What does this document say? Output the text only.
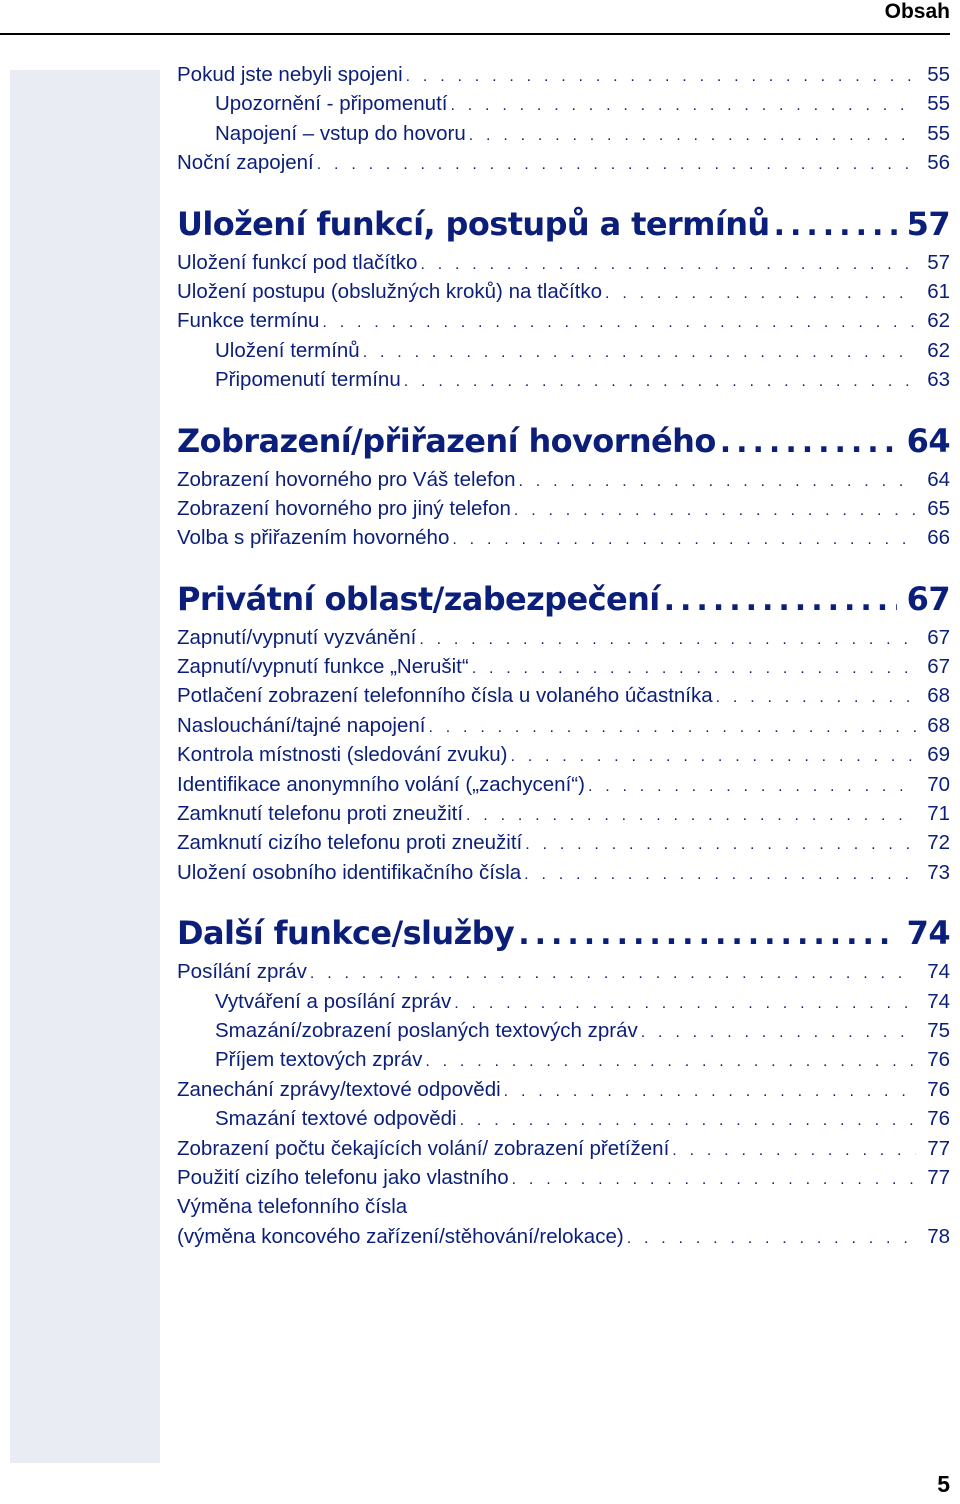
Obsah
Pokud jste nebyli spojeni . . .	55
Upozornění - připomenutí . . .	55
Napojení – vstup do hovoru . . .	55
Noční zapojení . . .	56
Uložení funkcí, postupů a termínů .....	57
Uložení funkcí pod tlačítko . . .	57
Uložení postupu (obslužných kroků) na tlačítko . . .	61
Funkce termínu . . .	62
Uložení termínů . . .	62
Připomenutí termínu . . .	63
Zobrazení/přiřazení hovorného .....	64
Zobrazení hovorného pro Váš telefon . . .	64
Zobrazení hovorného pro jiný telefon . . .	65
Volba s přiřazením hovorného . . .	66
Privátní oblast/zabezpečení .....	67
Zapnutí/vypnutí vyzvánění . . .	67
Zapnutí/vypnutí funkce „Nerušit“ . . .	67
Potlačení zobrazení telefonního čísla u volaného účastníka . . .	68
Naslouchání/tajné napojení . . .	68
Kontrola místnosti (sledování zvuku) . . .	69
Identifikace anonymního volání („zachycení“) . . .	70
Zamknutí telefonu proti zneužití . . .	71
Zamknutí cizího telefonu proti zneužití . . .	72
Uložení osobního identifikačního čísla . . .	73
Další funkce/služby .....	74
Posílání zpráv . . .	74
Vytváření a posílání zpráv . . .	74
Smazání/zobrazení poslaných textových zpráv . . .	75
Příjem textových zpráv . . .	76
Zanechání zprávy/textové odpovědi . . .	76
Smazání textové odpovědi . . .	76
Zobrazení počtu čekajících volání/ zobrazení přetížení . . .	77
Použití cizího telefonu jako vlastního . . .	77
Výměna telefonního čísla
(výměna koncového zařízení/stěhování/relokace) . . .	78
5
